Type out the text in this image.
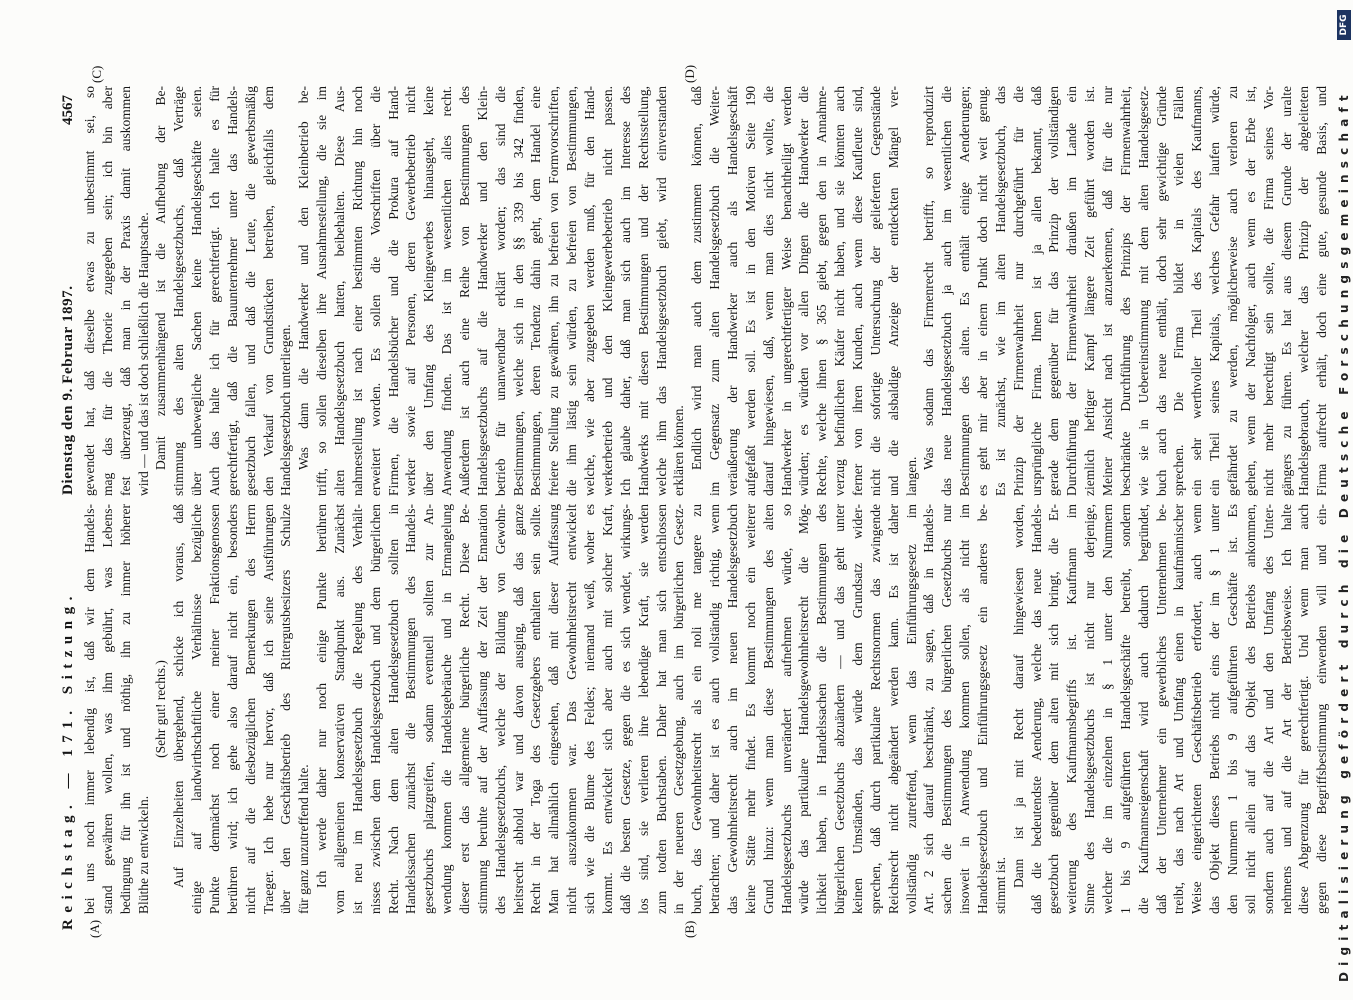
Reichstag. — 171. Sitzung.
Dienstag den 9. Februar 1897.
4567
(A)	(B)
(C)	(D)
bei uns noch immer lebendig ist, daß wir dem Handels- stand gewähren wollen, was ihm gebührt, was Lebens- bedingung für ihn ist und nöthig, ihn zu immer höherer Blüthe zu entwickeln.
(Sehr gut! rechts.) Auf Einzelheiten übergehend, schicke ich voraus, daß einige auf landwirthschaftliche Verhältnisse bezügliche Punkte demnächst noch einer meiner Fraktionsgenossen berühren wird; ich gehe also darauf nicht ein, besonders nicht auf die diesbezüglichen Bemerkungen des Herrn Traeger. Ich hebe nur hervor, daß ich seine Ausführungen über den Geschäftsbetrieb des Rittergutsbesitzers Schulze für ganz unzutreffend halte. Ich werde daher nur noch einige Punkte berühren vom allgemeinen konservativen Standpunkt aus. Zunächst ist neu im Handelsgesetzbuch die Regelung des Verhält- nisses zwischen dem Handelsgesetzbuch und dem bürgerlichen Recht. Nach dem alten Handelsgesetzbuch sollten in Handelssachen zunächst die Bestimmungen des Handels- gesetzbuchs platzgreifen, sodann eventuell sollten zur An- wendung kommen die Handelsgebräuche und in Ermangelung dieser erst das allgemeine bürgerliche Recht. Diese Be- stimmung beruhte auf der Auffassung der Zeit der Emanation des Handelsgesetzbuchs, welche der Bildung von Gewohn- heitsrecht abhold war und davon ausging, daß das ganze Recht in der Toga des Gesetzgebers enthalten sein sollte. Man hat allmählich eingesehen, daß mit dieser Auffassung nicht auszukommen war. Das Gewohnheitsrecht entwickelt sich wie die Blume des Feldes; niemand weiß, woher es kommt. Es entwickelt sich aber auch mit solcher Kraft, daß die besten Gesetze, gegen die es sich wendet, wirkungs- los sind, sie verlieren ihre lebendige Kraft, sie werden zum todten Buchstaben. Daher hat man sich entschlossen in der neueren Gesetzgebung, auch im bürgerlichen Gesetz- buch, das Gewohnheitsrecht als ein noli me tangere zu betrachten; und daher ist es auch vollständig richtig, wenn das Gewohnheitsrecht auch im neuen Handelsgesetzbuch keine Stätte mehr findet. Es kommt noch ein weiterer Grund hinzu: wenn man diese Bestimmungen des alten Handelsgesetzbuchs unverändert aufnehmen würde, so würde das partikulare Handelsgewohnheitsrecht die Mög- lichkeit haben, in Handelssachen die Bestimmungen des bürgerlichen Gesetzbuchs abzuändern — und das geht unter keinen Umständen, das würde dem Grundsatz wider- sprechen, daß durch partikulare Rechtsnormen das zwingende Reichsrecht nicht abgeändert werden kann. Es ist daher vollständig zutreffend, wenn das Einführungsgesetz im Art. 2 sich darauf beschränkt, zu sagen, daß in Handels- sachen die Bestimmungen des bürgerlichen Gesetzbuchs nur insoweit in Anwendung kommen sollen, als nicht im Handelsgesetzbuch und Einführungsgesetz ein anderes be- stimmt ist. Dann ist ja mit Recht darauf hingewiesen worden, daß die bedeutendste Aenderung, welche das neue Handels- gesetzbuch gegenüber dem alten mit sich bringt, die Er- weiterung des Kaufmannsbegriffs ist. Kaufmann im Sinne des Handelsgesetzbuchs ist nicht nur derjenige, welcher die im einzelnen in § 1 unter den Nummern 1 bis 9 aufgeführten Handelsgeschäfte betreibt, sondern die Kaufmannseigenschaft wird auch dadurch begründet, daß der Unternehmer ein gewerbliches Unternehmen be- treibt, das nach Art und Umfang einen in kaufmännischer Weise eingerichteten Geschäftsbetrieb erfordert, auch wenn das Objekt dieses Betriebs nicht eins der im § 1 unter den Nummern 1 bis 9 aufgeführten Geschäfte ist. Es soll nicht allein auf das Objekt des Betriebs ankommen, sondern auch auf die Art und den Umfang des Unter- nehmens und auf die Art der Betriebsweise. Ich halte diese Abgrenzung für gerechtfertigt. Und wenn man auch gegen diese Begriffsbestimmung einwenden will und ein-
gewendet hat, daß dieselbe etwas zu unbestimmt sei, so mag das für die Theorie zugegeben sein; ich bin aber fest überzeugt, daß man in der Praxis damit auskommen wird — und das ist doch schließlich die Hauptsache. Damit zusammenhängend ist die Aufhebung der Be- stimmung des alten Handelsgesetzbuchs, daß Verträge über unbewegliche Sachen keine Handelsgeschäfte seien. Auch das halte ich für gerechtfertigt. Ich halte es für gerechtfertigt, daß die Bauunternehmer unter das Handels- gesetzbuch fallen, und daß die Leute, die gewerbsmäßig den Verkauf von Grundstücken betreiben, gleichfalls dem Handelsgesetzbuch unterliegen. Was dann die Handwerker und den Kleinbetrieb be- trifft, so sollen dieselben ihre Ausnahmestellung, die sie im alten Handelsgesetzbuch hatten, beibehalten. Diese Aus- nahmestellung ist nach einer bestimmten Richtung hin noch erweitert worden. Es sollen die Vorschriften über die Firmen, die Handelsbücher und die Prokura auf Hand- werker sowie auf Personen, deren Gewerbebetrieb nicht über den Umfang des Kleingewerbes hinausgeht, keine Anwendung finden. Das ist im wesentlichen alles recht. Außerdem ist auch eine Reihe von Bestimmungen des Handelsgesetzbuchs auf die Handwerker und den Klein- betrieb für unanwendbar erklärt worden; das sind die Bestimmungen, welche sich in den §§ 339 bis 342 finden, Bestimmungen, deren Tendenz dahin geht, dem Handel eine freiere Stellung zu gewähren, ihn zu befreien von Formvorschriften, die ihm lästig sein würden, zu befreien von Bestimmungen, welche, wie aber zugegeben werden muß, für den Hand- werkerbetrieb und den Kleingewerbebetrieb nicht passen. Ich glaube daher, daß man sich auch im Interesse des Handwerks mit diesen Bestimmungen und der Rechtsstellung, welche ihm das Handelsgesetzbuch giebt, wird einverstanden erklären können. Endlich wird man auch dem zustimmen können, daß im Gegensatz zum alten Handelsgesetzbuch die Weiter- veräußerung der Handwerker auch als Handelsgeschäft aufgefaßt werden soll. Es ist in den Motiven Seite 190 darauf hingewiesen, daß, wenn man dies nicht wollte, die Handwerker in ungerechtfertigter Weise benachtheiligt werden würden; es würden vor allen Dingen die Handwerker die Rechte, welche ihnen § 365 giebt, gegen den in Annahme- verzug befindlichen Käufer nicht haben, und sie könnten auch ferner von ihren Kunden, auch wenn diese Kaufleute sind, nicht die sofortige Untersuchung der gelieferten Gegenstände und die alsbaldige Anzeige der entdeckten Mängel ver- langen.
Was sodann das Firmenrecht betrifft, so reproduzirt das neue Handelsgesetzbuch ja auch im wesentlichen die Bestimmungen des alten. Es enthält einige Aenderungen; es geht mir aber in einem Punkt doch nicht weit genug. Es ist zunächst, wie im alten Handelsgesetzbuch, das Prinzip der Firmenwahrheit nur durchgeführt für die ursprüngliche Firma. Ihnen ist ja allen bekannt, daß gerade dem gegenüber für das Prinzip der vollständigen Durchführung der Firmenwahrheit draußen im Lande ein ziemlich heftiger Kampf längere Zeit geführt worden ist. Meiner Ansicht nach ist anzuerkennen, daß für die nur beschränkte Durchführung des Prinzips der Firmenwahrheit, wie sie in Uebereinstimmung mit dem alten Handelsgesetz- buch auch das neue enthält, doch sehr gewichtige Gründe sprechen. Die Firma bildet in vielen Fällen ein sehr werthvoller Theil des Kapitals des Kaufmanns, ein Theil seines Kapitals, welches Gefahr laufen würde, gefährdet zu werden, möglicherweise auch verloren zu gehen, wenn der Nachfolger, auch wenn es der Erbe ist, nicht mehr berechtigt sein sollte, die Firma seines Vor- gängers zu führen. Es hat aus diesem Grunde der uralte Handelsgebrauch, welcher das Prinzip der abgeleiteten Firma aufrecht erhält, doch eine gute, gesunde Basis, und Digitalisierung gefördert durch die Deutsche Forschungsgemeinschaft
DFG
